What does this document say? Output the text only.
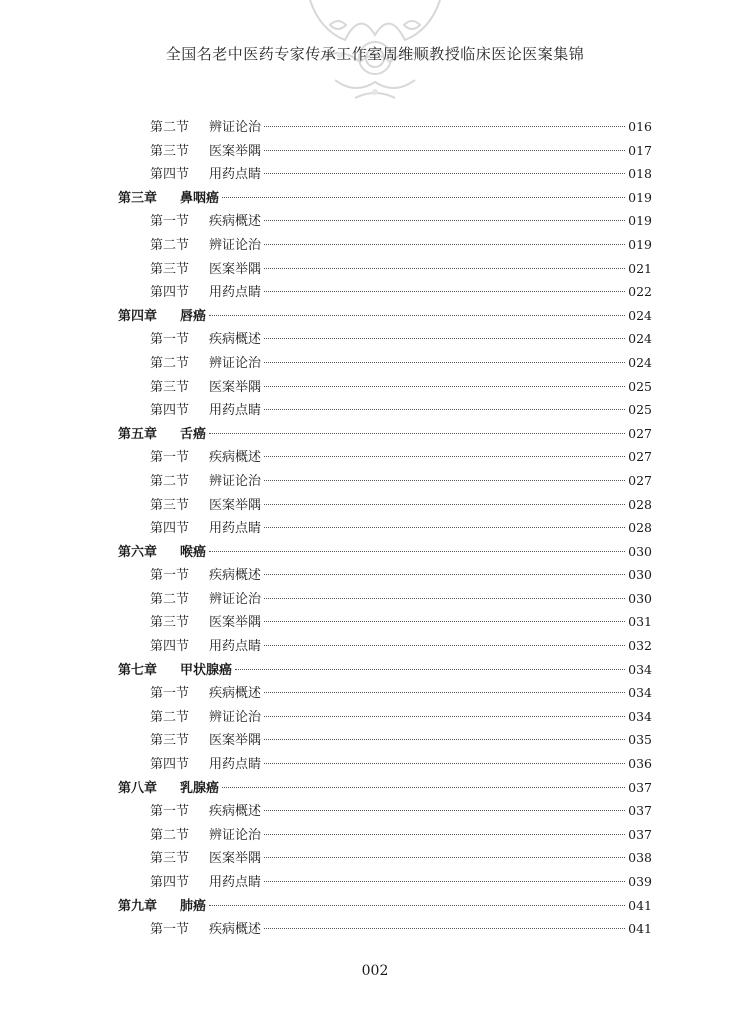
全国名老中医药专家传承工作室周维顺教授临床医论医案集锦
第二节	辨证论治	016
第三节	医案举隅	017
第四节	用药点睛	018
第三章	鼻咽癌	019
第一节	疾病概述	019
第二节	辨证论治	019
第三节	医案举隅	021
第四节	用药点睛	022
第四章	唇癌	024
第一节	疾病概述	024
第二节	辨证论治	024
第三节	医案举隅	025
第四节	用药点睛	025
第五章	舌癌	027
第一节	疾病概述	027
第二节	辨证论治	027
第三节	医案举隅	028
第四节	用药点睛	028
第六章	喉癌	030
第一节	疾病概述	030
第二节	辨证论治	030
第三节	医案举隅	031
第四节	用药点睛	032
第七章	甲状腺癌	034
第一节	疾病概述	034
第二节	辨证论治	034
第三节	医案举隅	035
第四节	用药点睛	036
第八章	乳腺癌	037
第一节	疾病概述	037
第二节	辨证论治	037
第三节	医案举隅	038
第四节	用药点睛	039
第九章	肺癌	041
第一节	疾病概述	041
002
